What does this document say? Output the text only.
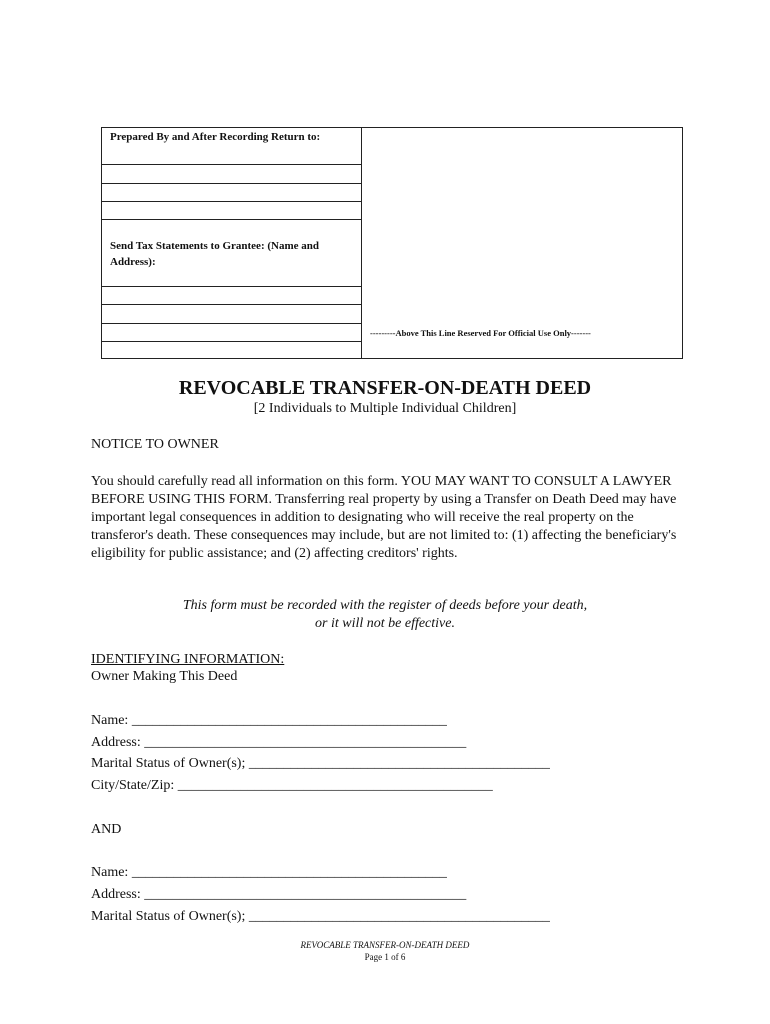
Prepared By and After Recording Return to:
Send Tax Statements to Grantee: (Name and Address):
---------Above This Line Reserved For Official Use Only-------
REVOCABLE TRANSFER-ON-DEATH DEED
[2 Individuals to Multiple Individual Children]
NOTICE TO OWNER
You should carefully read all information on this form. YOU MAY WANT TO CONSULT A LAWYER BEFORE USING THIS FORM. Transferring real property by using a Transfer on Death Deed may have important legal consequences in addition to designating who will receive the real property on the transferor's death. These consequences may include, but are not limited to: (1) affecting the beneficiary's eligibility for public assistance; and (2) affecting creditors' rights.
This form must be recorded with the register of deeds before your death,
or it will not be effective.
IDENTIFYING INFORMATION:
Owner Making This Deed
Name: _____________________________________________
Address: ______________________________________________
Marital Status of Owner(s); ___________________________________________
City/State/Zip: _____________________________________________
AND
Name: _____________________________________________
Address: ______________________________________________
Marital Status of Owner(s); ___________________________________________
REVOCABLE TRANSFER-ON-DEATH DEED
Page 1 of 6
